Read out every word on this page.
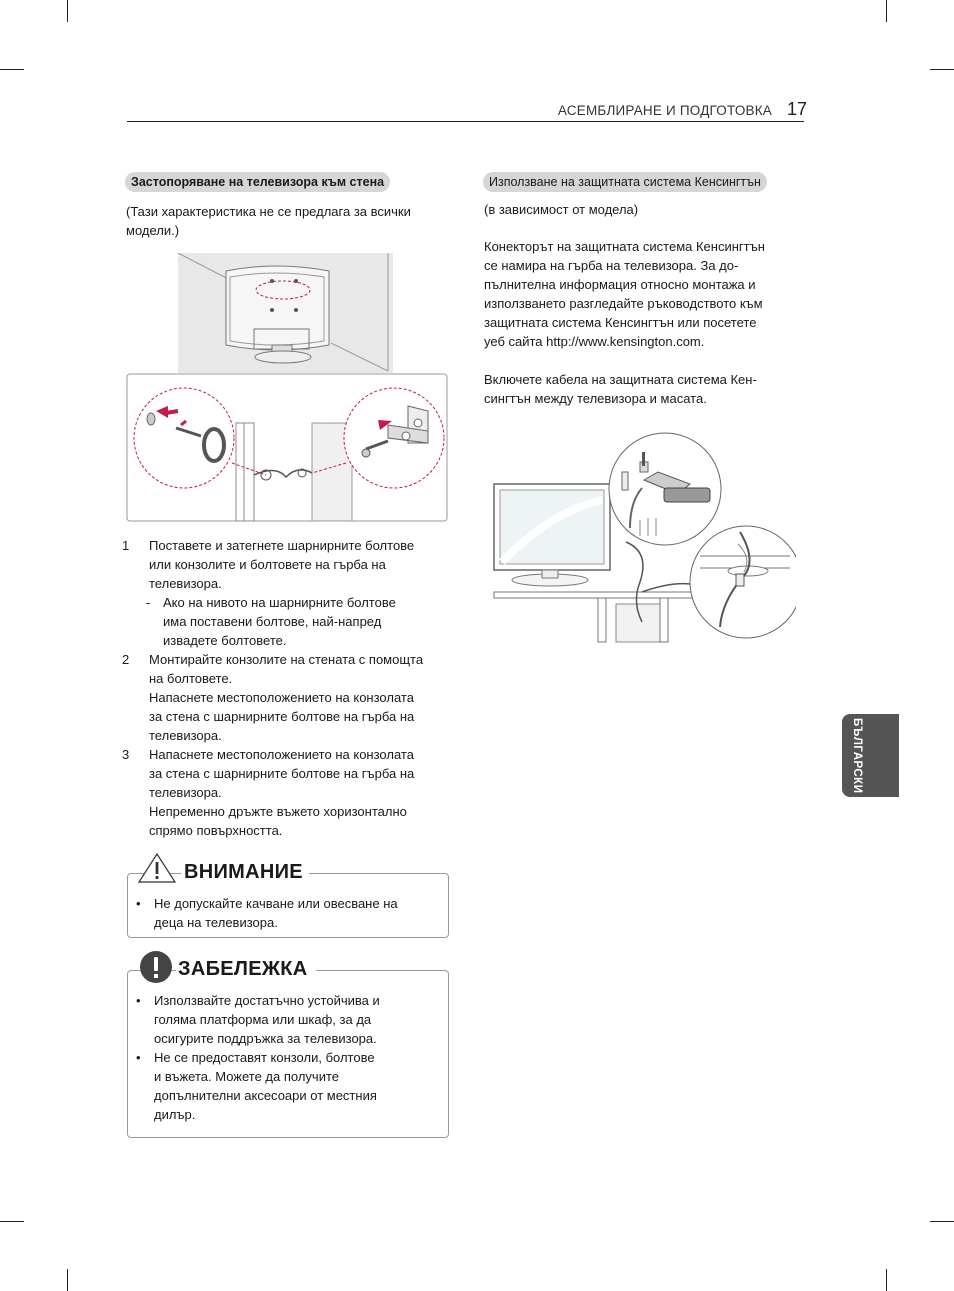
АСЕМБЛИРАНЕ И ПОДГОТОВКА 17
Застопоряване на телевизора към стена
(Тази характеристика не се предлага за всички
модели.)
1 Поставете и затегнете шарнирните болтове
или конзолите и болтовете на гърба на
телевизора.
- Ако на нивото на шарнирните болтове
има поставени болтове, най-напред
извадете болтовете.
2 Монтирайте конзолите на стената с помощта
на болтовете.
Напаснете местоположението на конзолата
за стена с шарнирните болтове на гърба на
телевизора.
3 Напаснете местоположението на конзолата
за стена с шарнирните болтове на гърба на
телевизора.
Непременно дръжте въжето хоризонтално
спрямо повърхността.
ВНИМАНИЕ
• Не допускайте качване или овесване на
деца на телевизора.
ЗАБЕЛЕЖКА
• Използвайте достатъчно устойчива и
голяма платформа или шкаф, за да
осигурите поддръжка за телевизора.
• Не се предоставят конзоли, болтове
и въжета. Можете да получите
допълнителни аксесоари от местния
дилър.
Използване на защитната система Кенсингтън
(в зависимост от модела)
Конекторът на защитната система Кенсингтън
се намира на гърба на телевизора. За до-
пълнителна информация относно монтажа и
използването разгледайте ръководството към
защитната система Кенсингтън или посетете
уеб сайта http://www.kensington.com.
Включете кабела на защитната система Кен-
сингтън между телевизора и масата.
БЪЛГАРСКИ
